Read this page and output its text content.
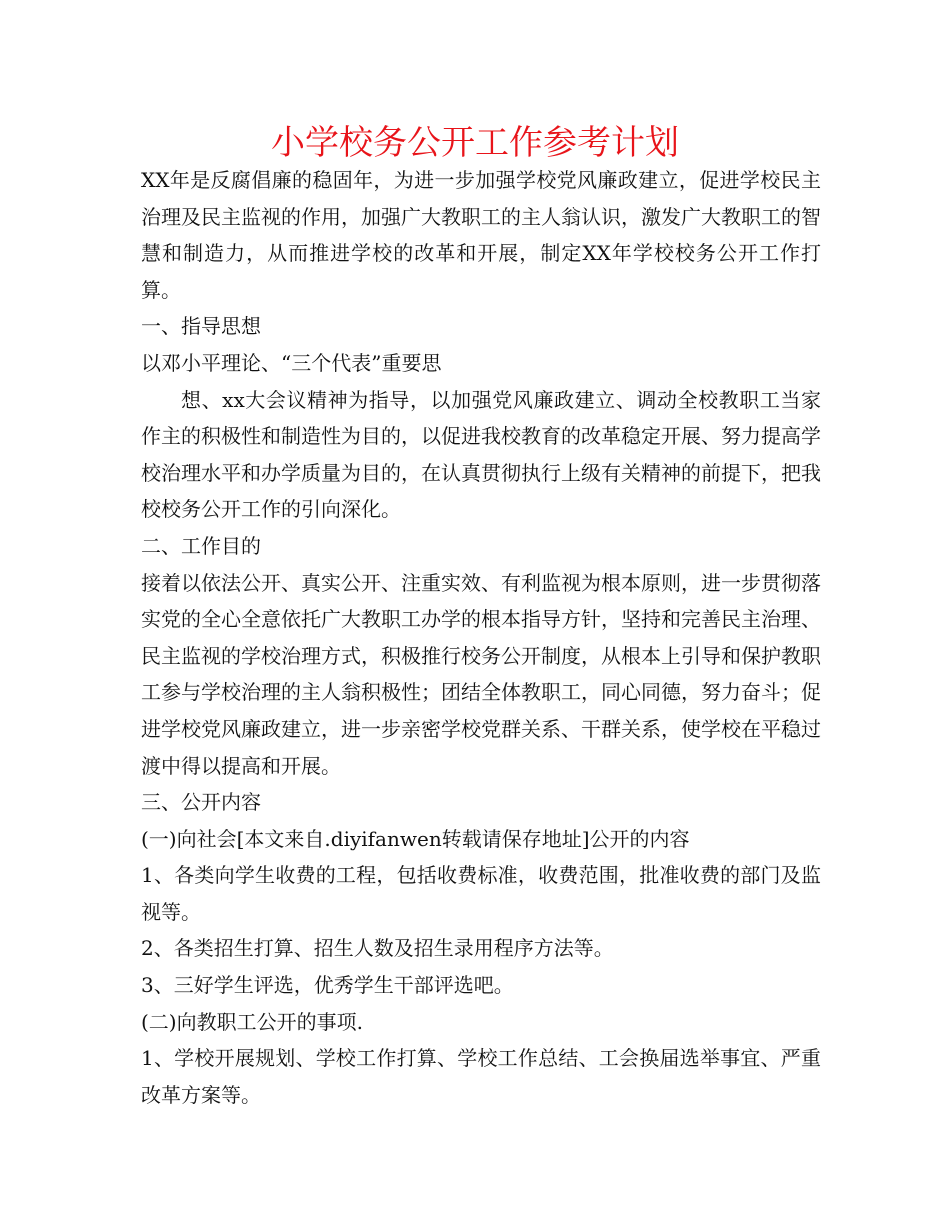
小学校务公开工作参考计划

XX年是反腐倡廉的稳固年，为进一步加强学校党风廉政建立，促进学校民主治理及民主监视的作用，加强广大教职工的主人翁认识，激发广大教职工的智慧和制造力，从而推进学校的改革和开展，制定XX年学校校务公开工作打算。

一、指导思想

以邓小平理论、“三个代表”重要思

想、xx大会议精神为指导，以加强党风廉政建立、调动全校教职工当家作主的积极性和制造性为目的，以促进我校教育的改革稳定开展、努力提高学校治理水平和办学质量为目的，在认真贯彻执行上级有关精神的前提下，把我校校务公开工作的引向深化。

二、工作目的

接着以依法公开、真实公开、注重实效、有利监视为根本原则，进一步贯彻落实党的全心全意依托广大教职工办学的根本指导方针，坚持和完善民主治理、民主监视的学校治理方式，积极推行校务公开制度，从根本上引导和保护教职工参与学校治理的主人翁积极性；团结全体教职工，同心同德，努力奋斗；促进学校党风廉政建立，进一步亲密学校党群关系、干群关系，使学校在平稳过渡中得以提高和开展。

三、公开内容

(一)向社会[本文来自.diyifanwen转载请保存地址]公开的内容

1、各类向学生收费的工程，包括收费标准，收费范围，批准收费的部门及监视等。

2、各类招生打算、招生人数及招生录用程序方法等。

3、三好学生评选，优秀学生干部评选吧。

(二)向教职工公开的事项.

1、学校开展规划、学校工作打算、学校工作总结、工会换届选举事宜、严重改革方案等。
